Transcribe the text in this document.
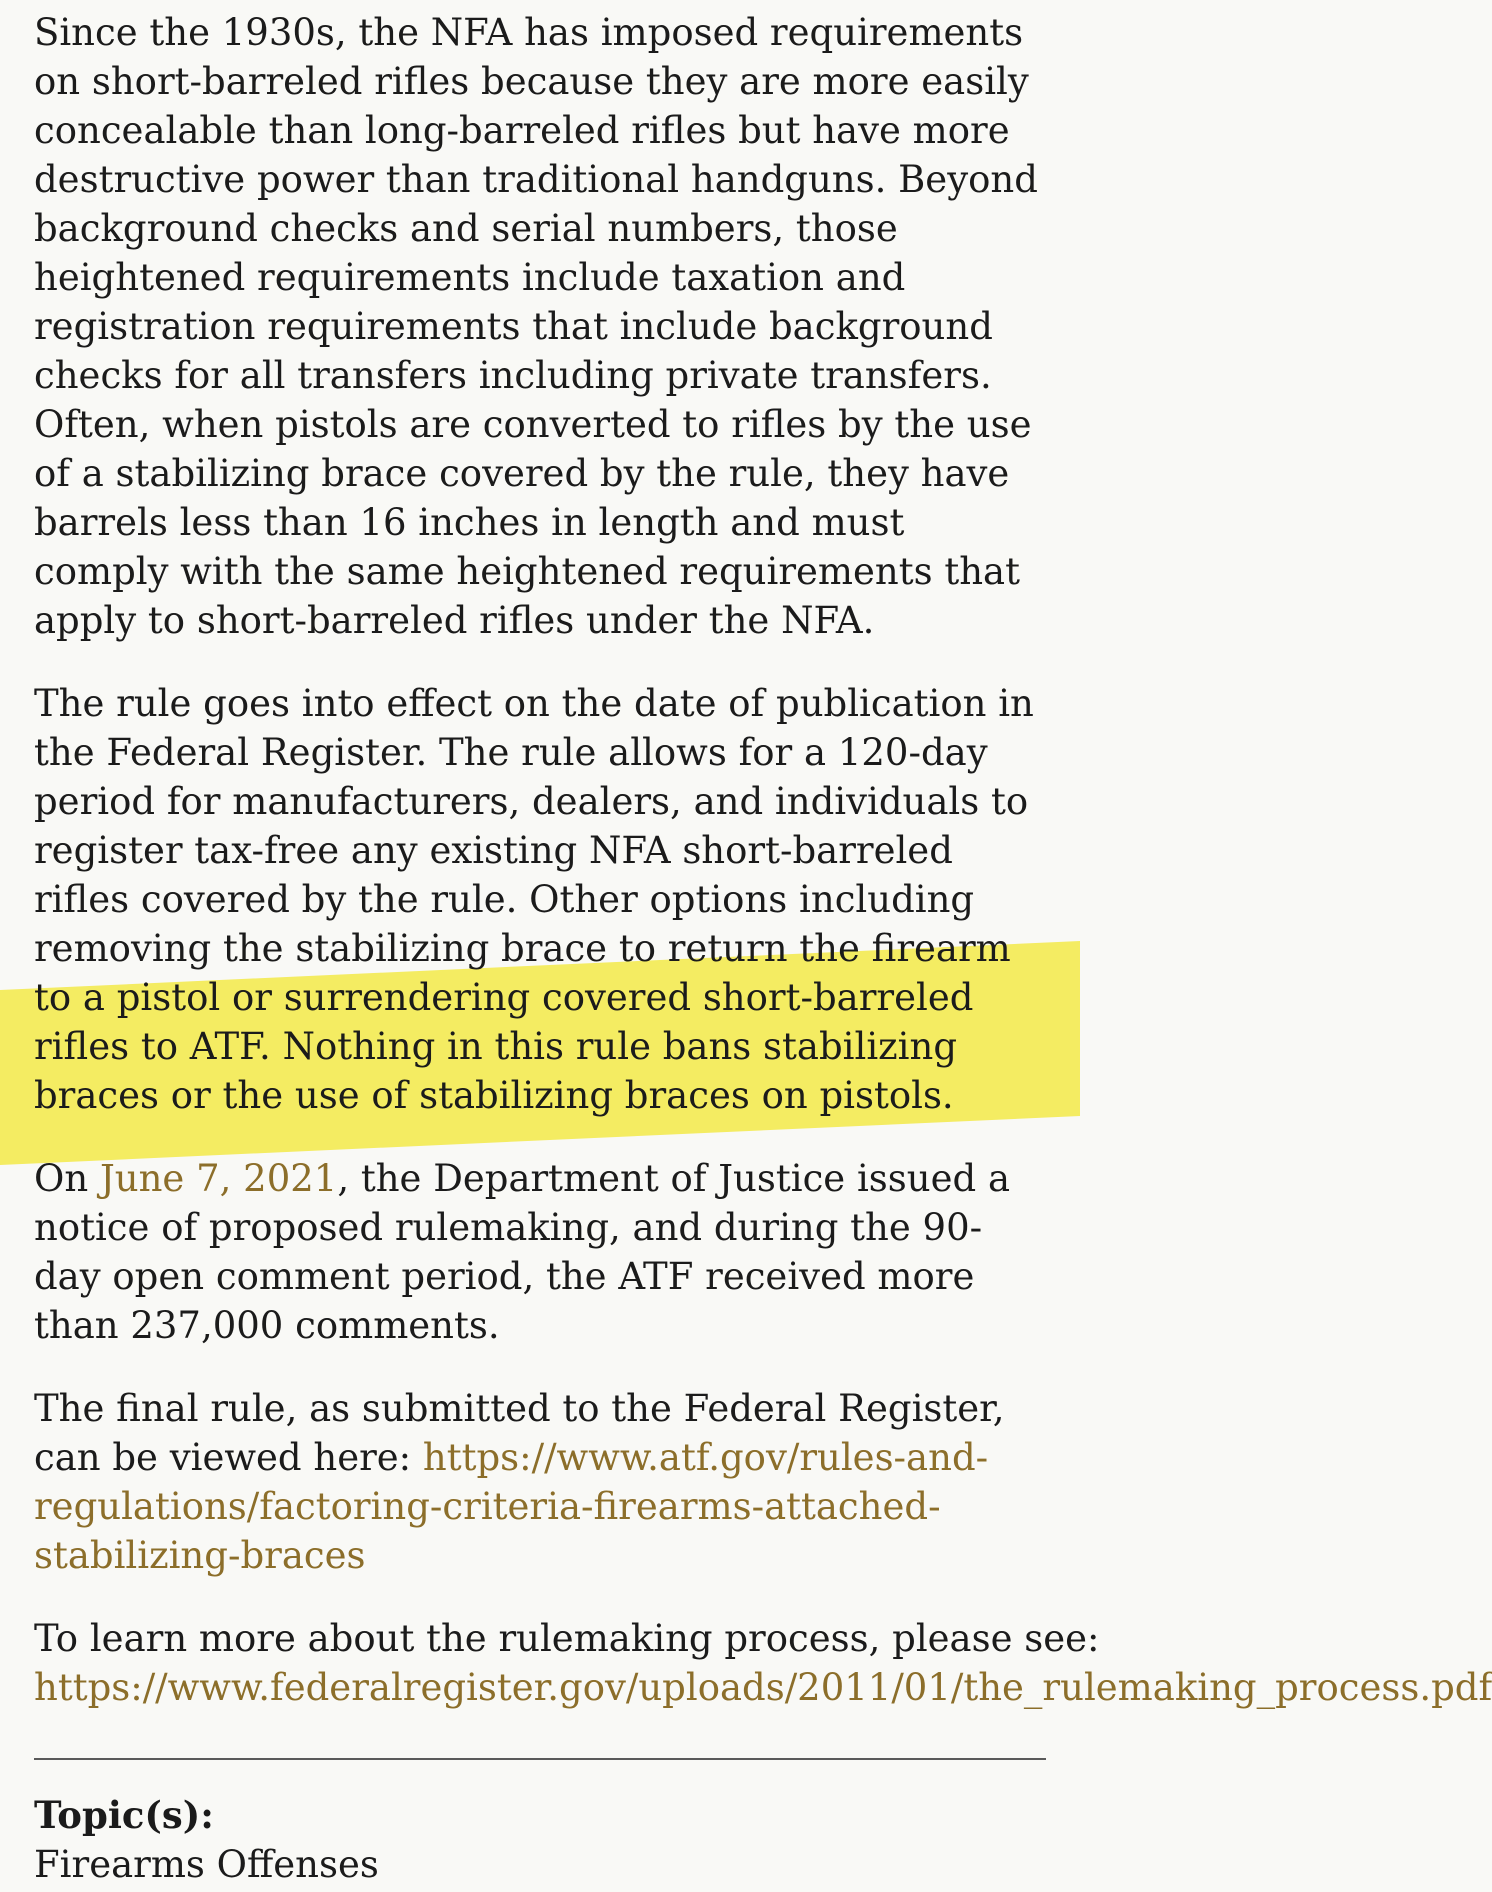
Since the 1930s, the NFA has imposed requirements on short-barreled rifles because they are more easily concealable than long-barreled rifles but have more destructive power than traditional handguns. Beyond background checks and serial numbers, those heightened requirements include taxation and registration requirements that include background checks for all transfers including private transfers. Often, when pistols are converted to rifles by the use of a stabilizing brace covered by the rule, they have barrels less than 16 inches in length and must comply with the same heightened requirements that apply to short-barreled rifles under the NFA.

The rule goes into effect on the date of publication in the Federal Register. The rule allows for a 120-day period for manufacturers, dealers, and individuals to register tax-free any existing NFA short-barreled rifles covered by the rule. Other options including removing the stabilizing brace to return the firearm to a pistol or surrendering covered short-barreled rifles to ATF. Nothing in this rule bans stabilizing braces or the use of stabilizing braces on pistols.

On June 7, 2021, the Department of Justice issued a notice of proposed rulemaking, and during the 90-day open comment period, the ATF received more than 237,000 comments.

The final rule, as submitted to the Federal Register, can be viewed here: https://www.atf.gov/rules-and-regulations/factoring-criteria-firearms-attached-stabilizing-braces

To learn more about the rulemaking process, please see:
https://www.federalregister.gov/uploads/2011/01/the_rulemaking_process.pdf

Topic(s):
Firearms Offenses
